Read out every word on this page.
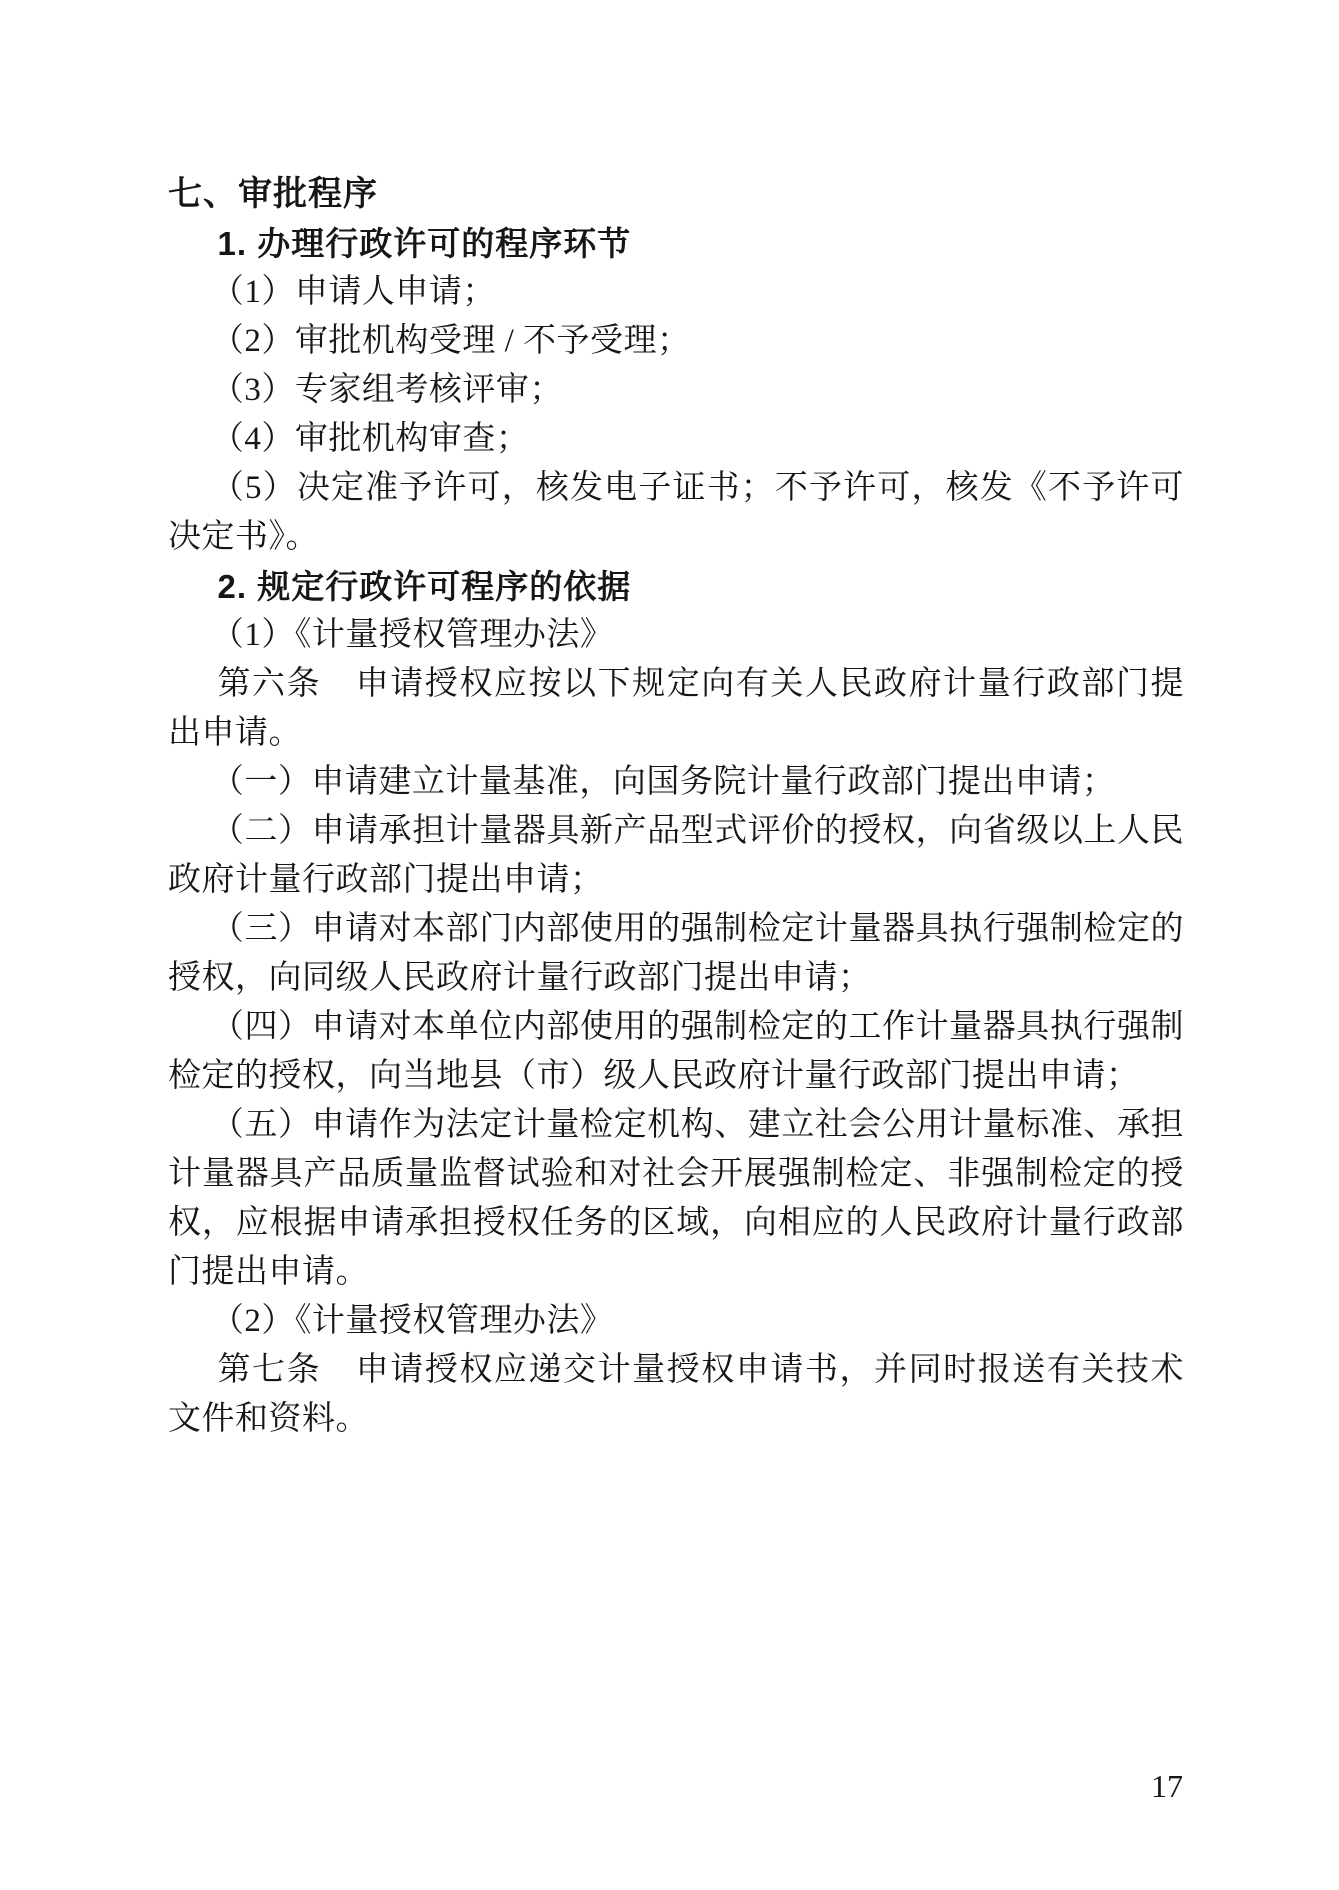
七、审批程序

1. 办理行政许可的程序环节

（1）申请人申请；

（2）审批机构受理 / 不予受理；

（3）专家组考核评审；

（4）审批机构审查；

（5）决定准予许可，核发电子证书；不予许可，核发《不予许可决定书》。

2. 规定行政许可程序的依据

（1）《计量授权管理办法》

第六条　申请授权应按以下规定向有关人民政府计量行政部门提出申请。

（一）申请建立计量基准，向国务院计量行政部门提出申请；

（二）申请承担计量器具新产品型式评价的授权，向省级以上人民政府计量行政部门提出申请；

（三）申请对本部门内部使用的强制检定计量器具执行强制检定的授权，向同级人民政府计量行政部门提出申请；

（四）申请对本单位内部使用的强制检定的工作计量器具执行强制检定的授权，向当地县（市）级人民政府计量行政部门提出申请；

（五）申请作为法定计量检定机构、建立社会公用计量标准、承担计量器具产品质量监督试验和对社会开展强制检定、非强制检定的授权，应根据申请承担授权任务的区域，向相应的人民政府计量行政部门提出申请。

（2）《计量授权管理办法》

第七条　申请授权应递交计量授权申请书，并同时报送有关技术文件和资料。

17
